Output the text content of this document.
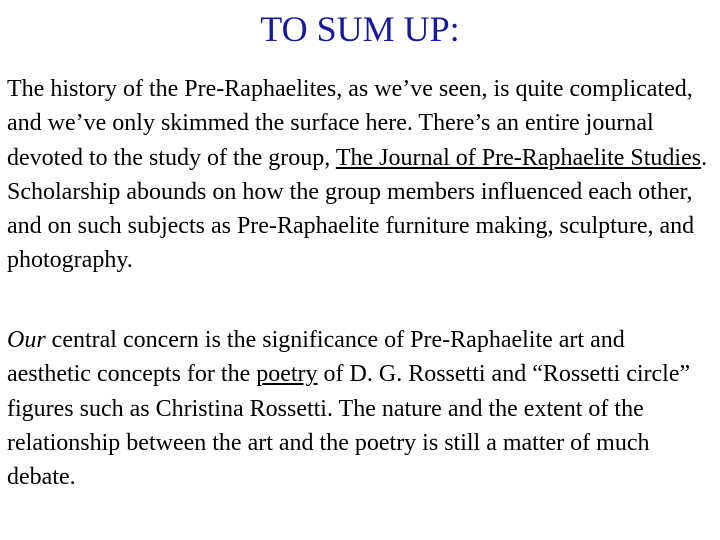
TO SUM UP:

The history of the Pre-Raphaelites, as we’ve seen, is quite complicated, and we’ve only skimmed the surface here. There’s an entire journal devoted to the study of the group, The Journal of Pre-Raphaelite Studies. Scholarship abounds on how the group members influenced each other, and on such subjects as Pre-Raphaelite furniture making, sculpture, and photography.

Our central concern is the significance of Pre-Raphaelite art and aesthetic concepts for the poetry of D. G. Rossetti and “Rossetti circle” figures such as Christina Rossetti. The nature and the extent of the relationship between the art and the poetry is still a matter of much debate.
